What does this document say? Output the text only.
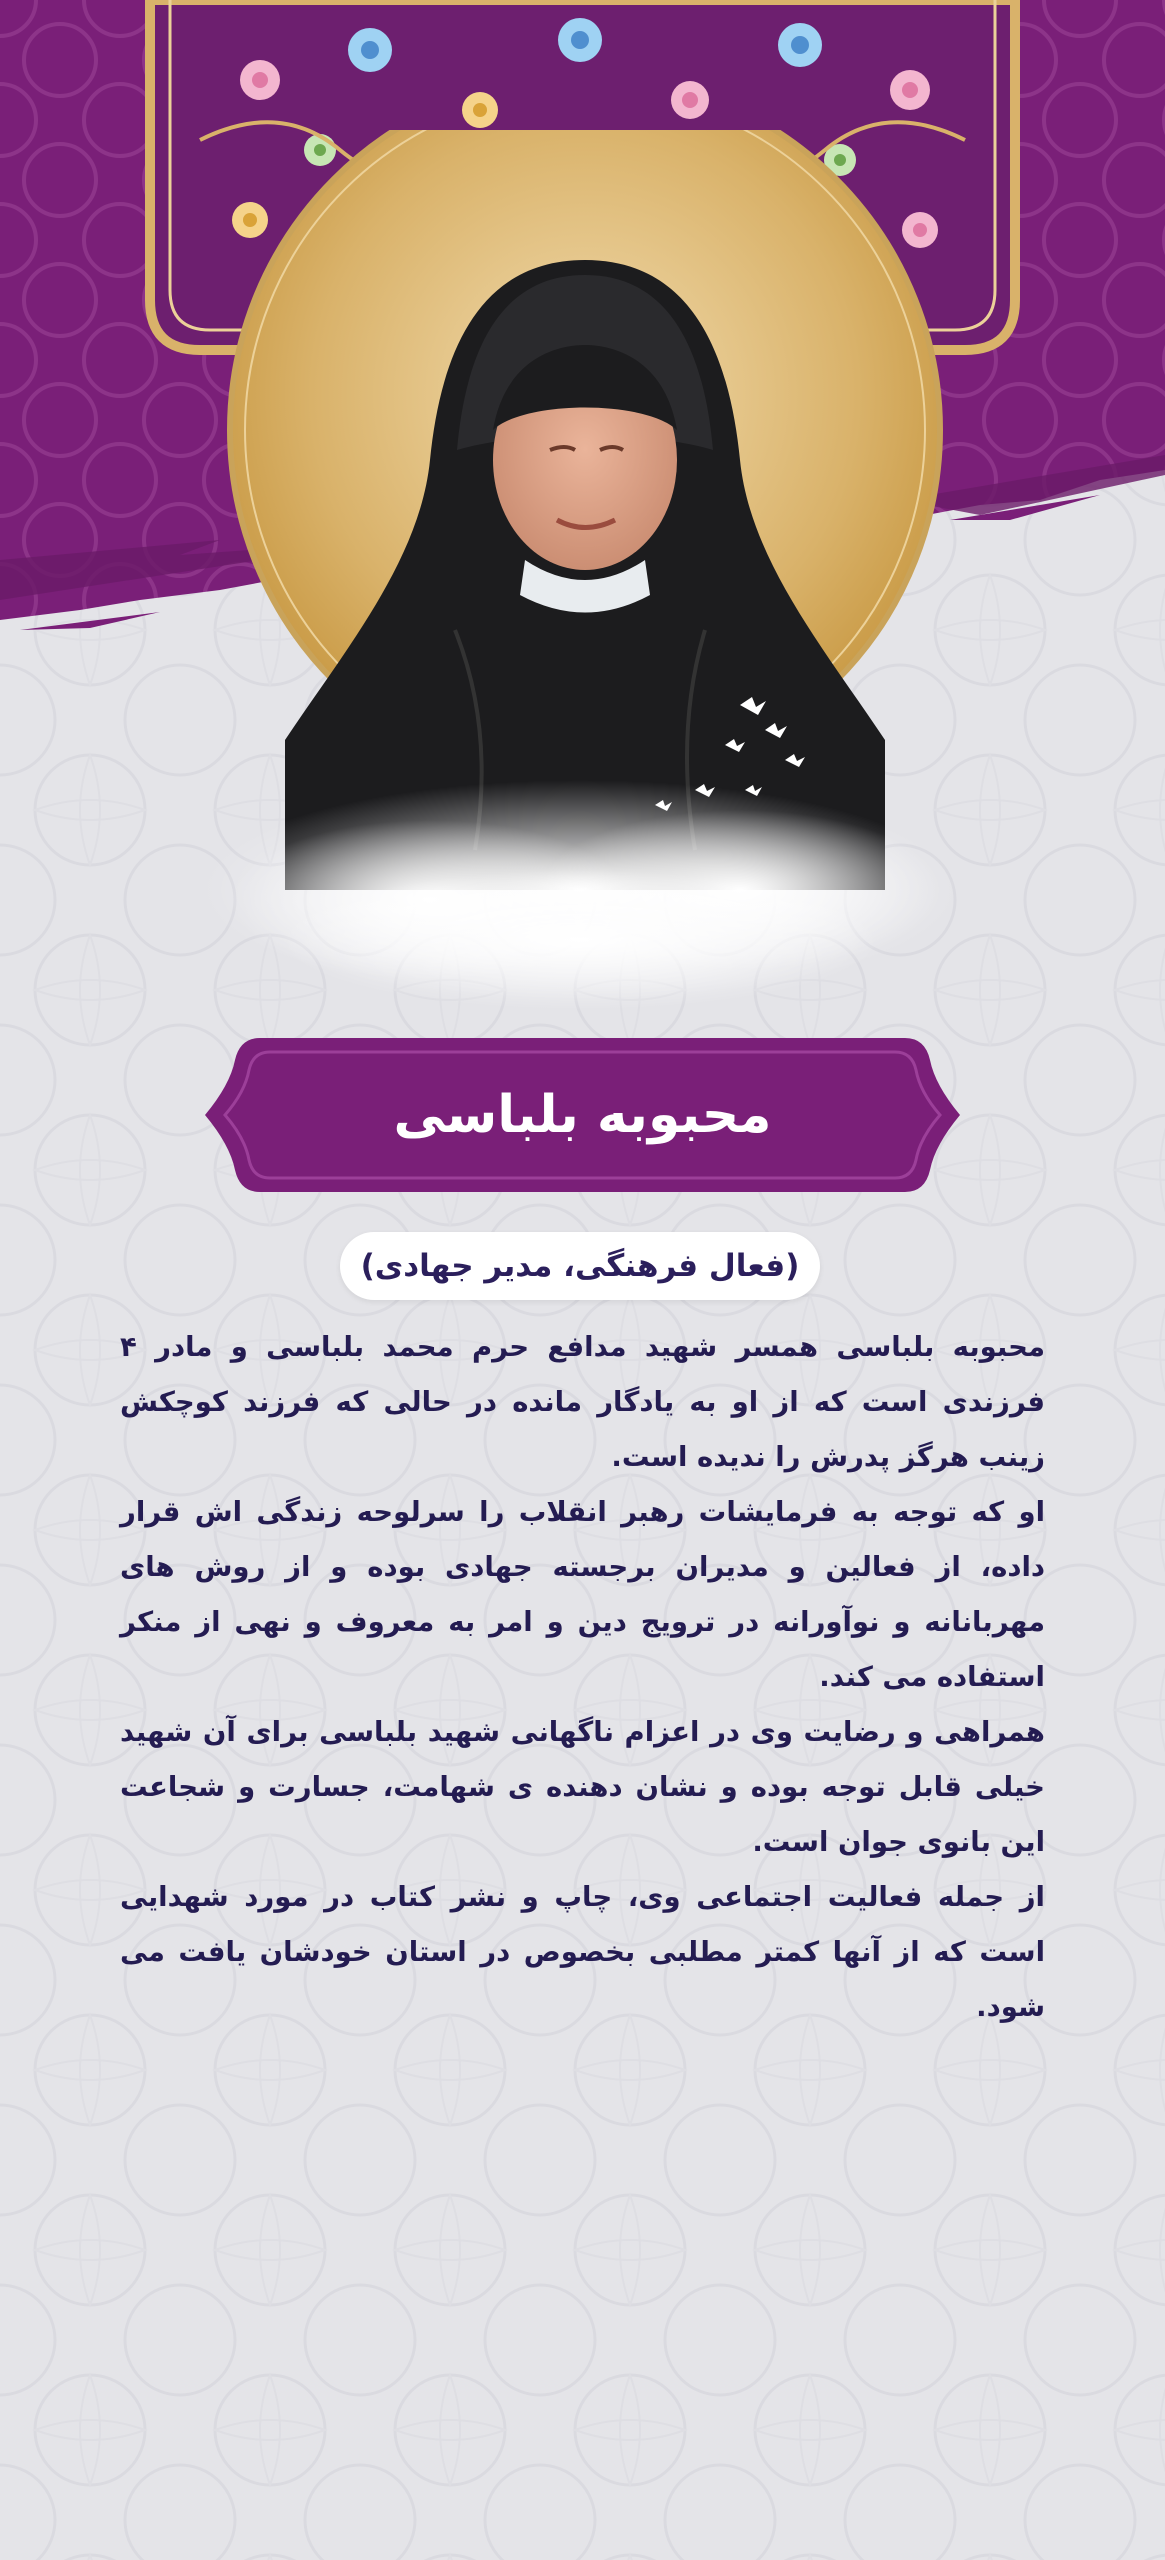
محبوبه بلباسی
(فعال فرهنگی، مدیر جهادی)

محبوبه بلباسی همسر شهید مدافع حرم محمد بلباسی و مادر ۴ فرزندی است که از او به یادگار مانده در حالی که فرزند کوچکش زینب هرگز پدرش را ندیده است.

او که توجه به فرمایشات رهبر انقلاب را سرلوحه زندگی اش قرار داده، از فعالین و مدیران برجسته جهادی بوده و از روش های مهربانانه و نوآورانه در ترویج دین و امر به معروف و نهی از منکر استفاده می کند.

همراهی و رضایت وی در اعزام ناگهانی شهید بلباسی برای آن شهید خیلی قابل توجه بوده و نشان دهنده ی شهامت، جسارت و شجاعت این بانوی جوان است.

از جمله فعالیت اجتماعی وی، چاپ و نشر کتاب در مورد شهدایی است که از آنها کمتر مطلبی بخصوص در استان خودشان یافت می شود.
